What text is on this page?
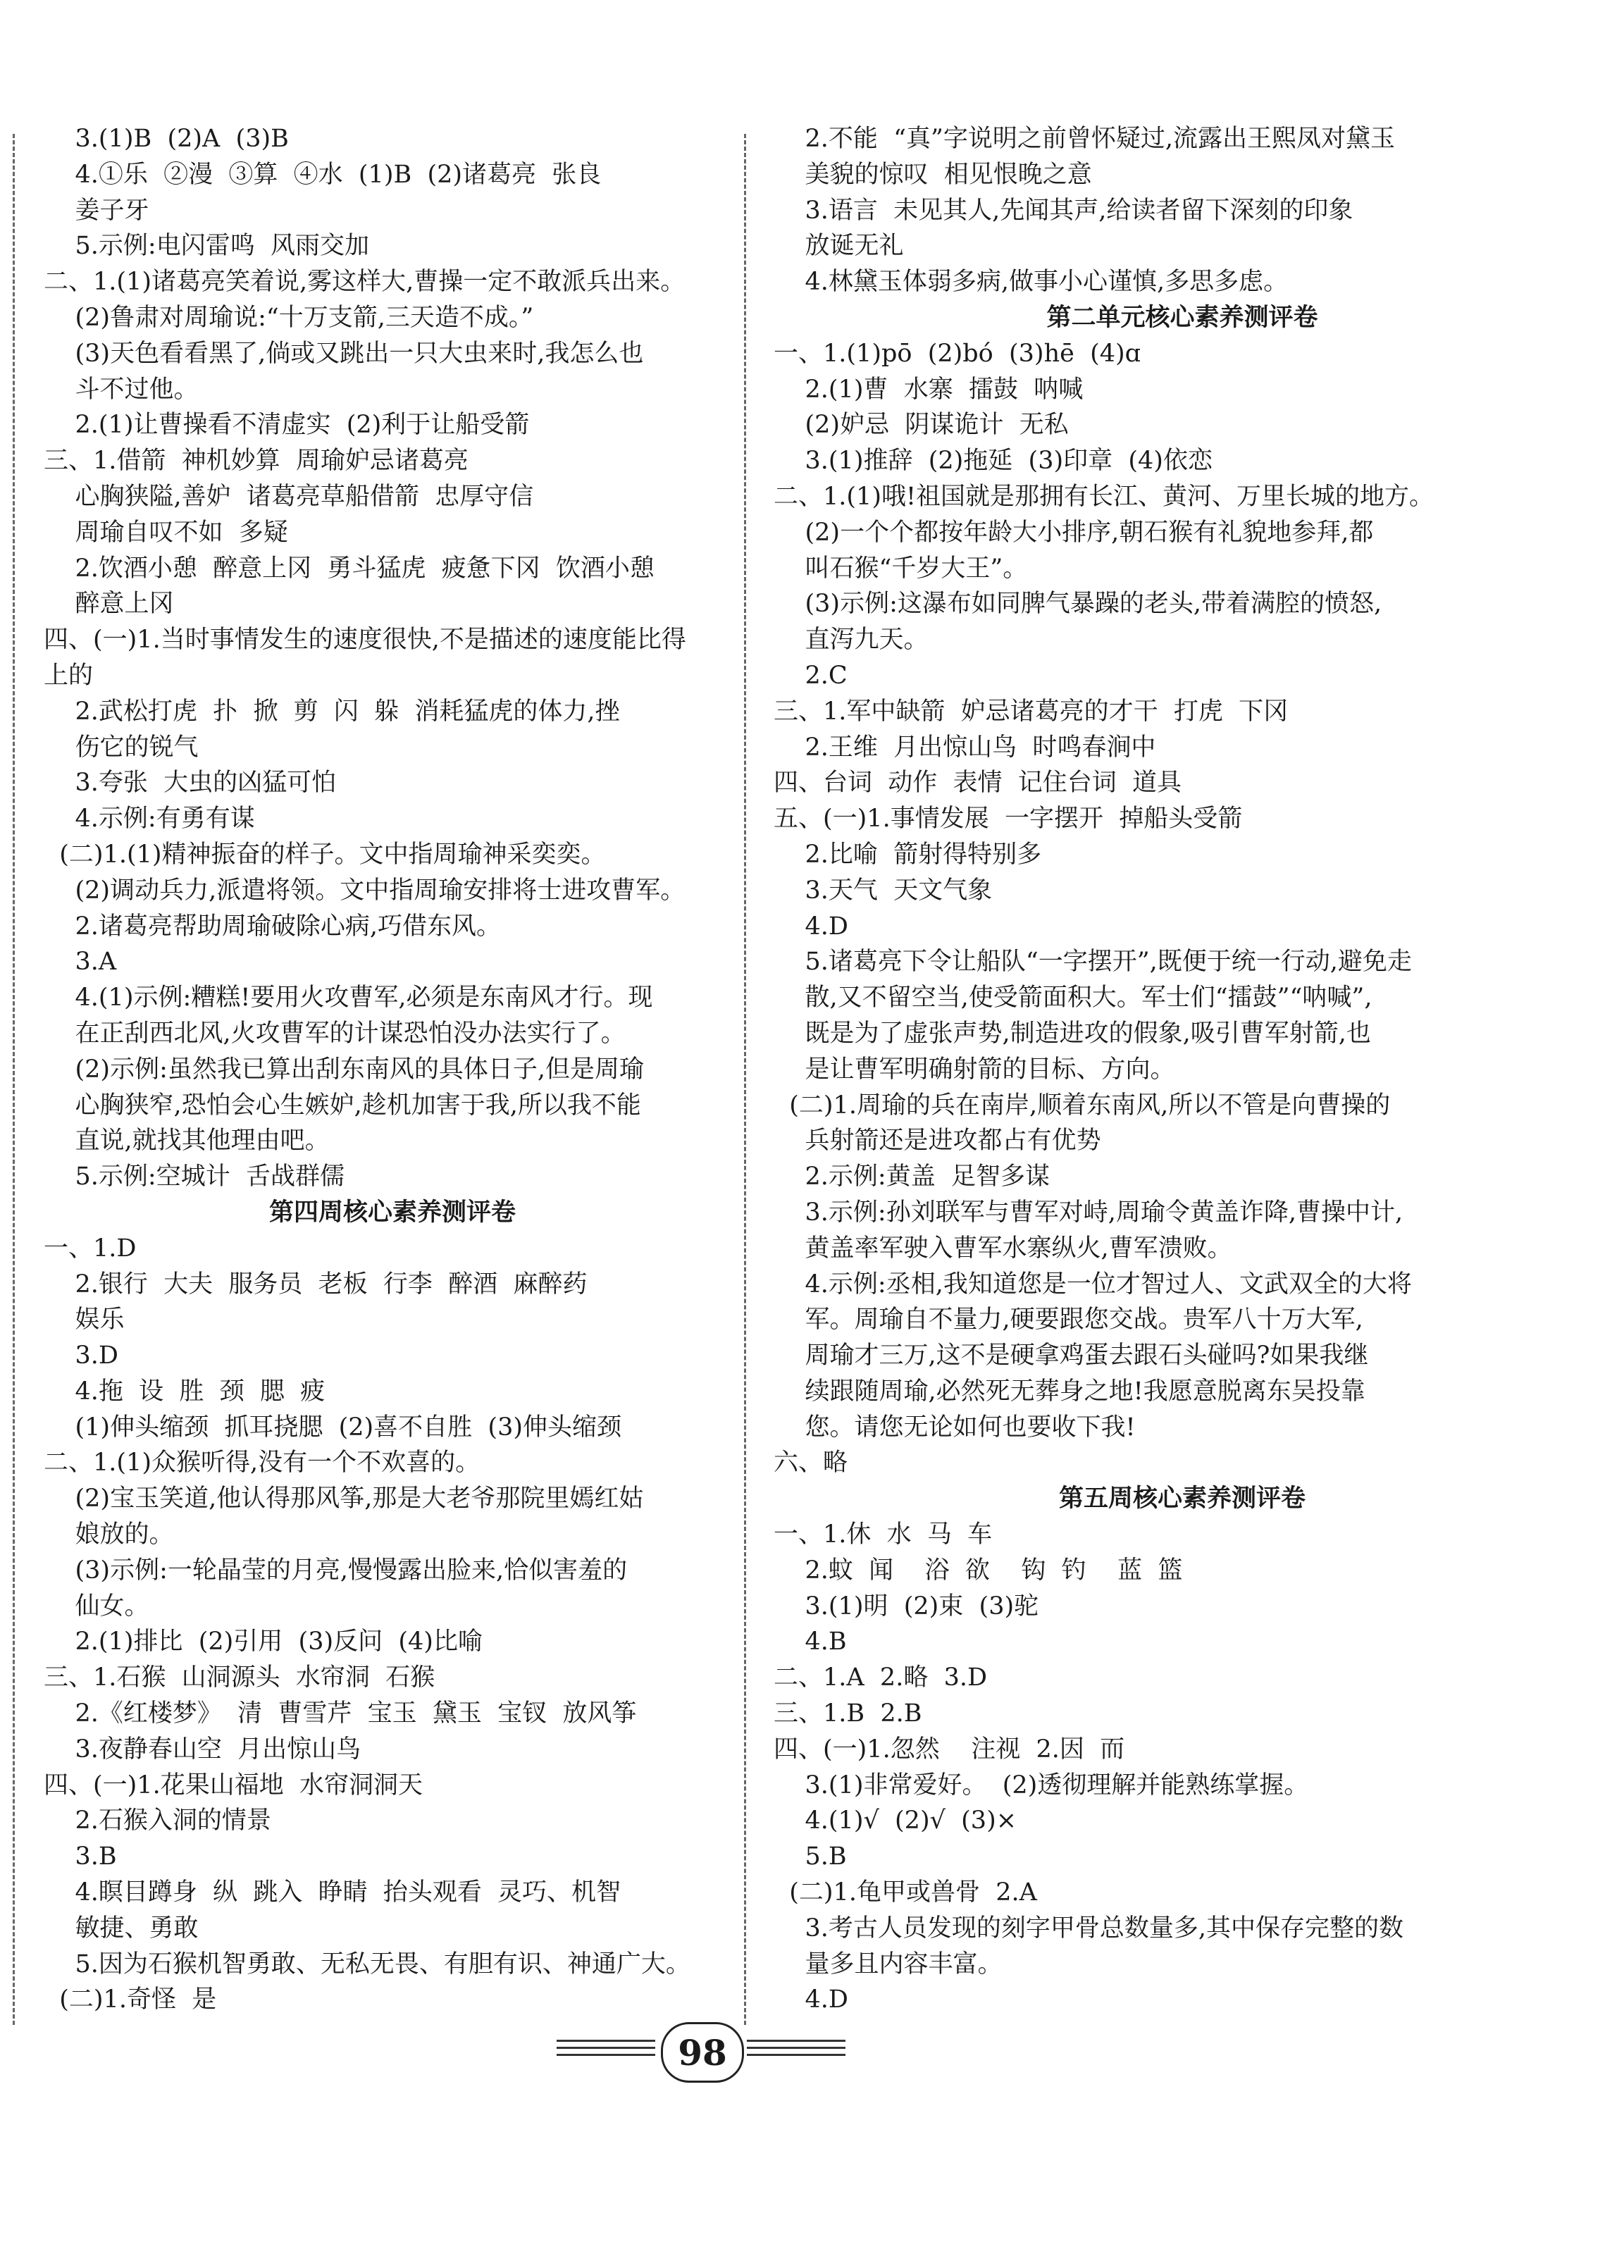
3.(1)B  (2)A  (3)B
4.①乐  ②漫  ③算  ④水  (1)B  (2)诸葛亮  张良
姜子牙
5.示例:电闪雷鸣  风雨交加
二、1.(1)诸葛亮笑着说,雾这样大,曹操一定不敢派兵出来。
(2)鲁肃对周瑜说:“十万支箭,三天造不成。”
(3)天色看看黑了,倘或又跳出一只大虫来时,我怎么也
斗不过他。
2.(1)让曹操看不清虚实  (2)利于让船受箭
三、1.借箭  神机妙算  周瑜妒忌诸葛亮
心胸狭隘,善妒  诸葛亮草船借箭  忠厚守信
周瑜自叹不如  多疑
2.饮酒小憩  醉意上冈  勇斗猛虎  疲惫下冈  饮酒小憩
醉意上冈
四、(一)1.当时事情发生的速度很快,不是描述的速度能比得
上的
2.武松打虎  扑  掀  剪  闪  躲  消耗猛虎的体力,挫
伤它的锐气
3.夸张  大虫的凶猛可怕
4.示例:有勇有谋
(二)1.(1)精神振奋的样子。文中指周瑜神采奕奕。
(2)调动兵力,派遣将领。文中指周瑜安排将士进攻曹军。
2.诸葛亮帮助周瑜破除心病,巧借东风。
3.A
4.(1)示例:糟糕!要用火攻曹军,必须是东南风才行。现
在正刮西北风,火攻曹军的计谋恐怕没办法实行了。
(2)示例:虽然我已算出刮东南风的具体日子,但是周瑜
心胸狭窄,恐怕会心生嫉妒,趁机加害于我,所以我不能
直说,就找其他理由吧。
5.示例:空城计  舌战群儒
第四周核心素养测评卷
一、1.D
2.银行  大夫  服务员  老板  行李  醉酒  麻醉药
娱乐
3.D
4.拖  设  胜  颈  腮  疲
(1)伸头缩颈  抓耳挠腮  (2)喜不自胜  (3)伸头缩颈
二、1.(1)众猴听得,没有一个不欢喜的。
(2)宝玉笑道,他认得那风筝,那是大老爷那院里嫣红姑
娘放的。
(3)示例:一轮晶莹的月亮,慢慢露出脸来,恰似害羞的
仙女。
2.(1)排比  (2)引用  (3)反问  (4)比喻
三、1.石猴  山洞源头  水帘洞  石猴
2.《红楼梦》  清  曹雪芹  宝玉  黛玉  宝钗  放风筝
3.夜静春山空  月出惊山鸟
四、(一)1.花果山福地  水帘洞洞天
2.石猴入洞的情景
3.B
4.瞑目蹲身  纵  跳入  睁睛  抬头观看  灵巧、机智
敏捷、勇敢
5.因为石猴机智勇敢、无私无畏、有胆有识、神通广大。
(二)1.奇怪  是
2.不能  “真”字说明之前曾怀疑过,流露出王熙凤对黛玉
美貌的惊叹  相见恨晚之意
3.语言  未见其人,先闻其声,给读者留下深刻的印象
放诞无礼
4.林黛玉体弱多病,做事小心谨慎,多思多虑。
第二单元核心素养测评卷
一、1.(1)pō  (2)bó  (3)hē  (4)ɑ
2.(1)曹  水寨  擂鼓  呐喊
(2)妒忌  阴谋诡计  无私
3.(1)推辞  (2)拖延  (3)印章  (4)依恋
二、1.(1)哦!祖国就是那拥有长江、黄河、万里长城的地方。
(2)一个个都按年龄大小排序,朝石猴有礼貌地参拜,都
叫石猴“千岁大王”。
(3)示例:这瀑布如同脾气暴躁的老头,带着满腔的愤怒,
直泻九天。
2.C
三、1.军中缺箭  妒忌诸葛亮的才干  打虎  下冈
2.王维  月出惊山鸟  时鸣春涧中
四、台词  动作  表情  记住台词  道具
五、(一)1.事情发展  一字摆开  掉船头受箭
2.比喻  箭射得特别多
3.天气  天文气象
4.D
5.诸葛亮下令让船队“一字摆开”,既便于统一行动,避免走
散,又不留空当,使受箭面积大。军士们“擂鼓”“呐喊”,
既是为了虚张声势,制造进攻的假象,吸引曹军射箭,也
是让曹军明确射箭的目标、方向。
(二)1.周瑜的兵在南岸,顺着东南风,所以不管是向曹操的
兵射箭还是进攻都占有优势
2.示例:黄盖  足智多谋
3.示例:孙刘联军与曹军对峙,周瑜令黄盖诈降,曹操中计,
黄盖率军驶入曹军水寨纵火,曹军溃败。
4.示例:丞相,我知道您是一位才智过人、文武双全的大将
军。周瑜自不量力,硬要跟您交战。贵军八十万大军,
周瑜才三万,这不是硬拿鸡蛋去跟石头碰吗?如果我继
续跟随周瑜,必然死无葬身之地!我愿意脱离东吴投靠
您。请您无论如何也要收下我!
六、略
第五周核心素养测评卷
一、1.休  水  马  车
2.蚊  闻    浴  欲    钩  钓    蓝  篮
3.(1)明  (2)束  (3)驼
4.B
二、1.A  2.略  3.D
三、1.B  2.B
四、(一)1.忽然    注视  2.因  而
3.(1)非常爱好。  (2)透彻理解并能熟练掌握。
4.(1)√  (2)√  (3)×
5.B
(二)1.龟甲或兽骨  2.A
3.考古人员发现的刻字甲骨总数量多,其中保存完整的数
量多且内容丰富。
4.D
98
